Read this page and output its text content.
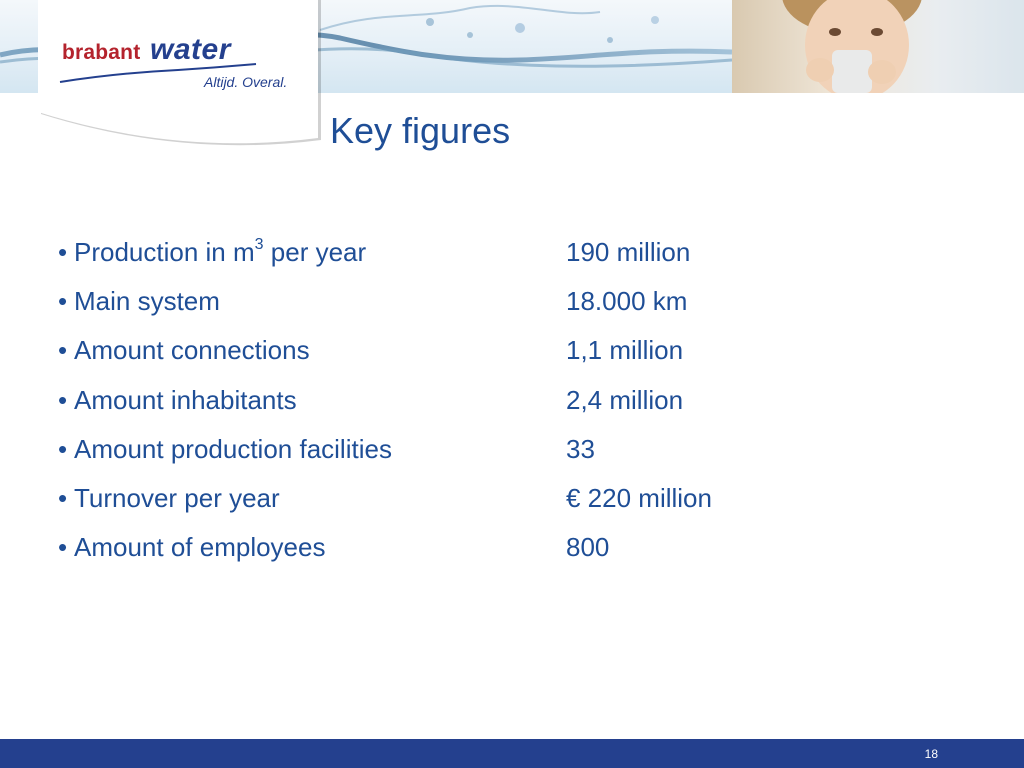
brabant water
Altijd. Overal.
Key figures
• Production in $m^3$ per year	190 million
• Main system	18.000 km
• Amount connections	1,1 million
• Amount inhabitants	2,4 million
• Amount production facilities	33
• Turnover per year	€ 220 million
• Amount of employees	800
18
